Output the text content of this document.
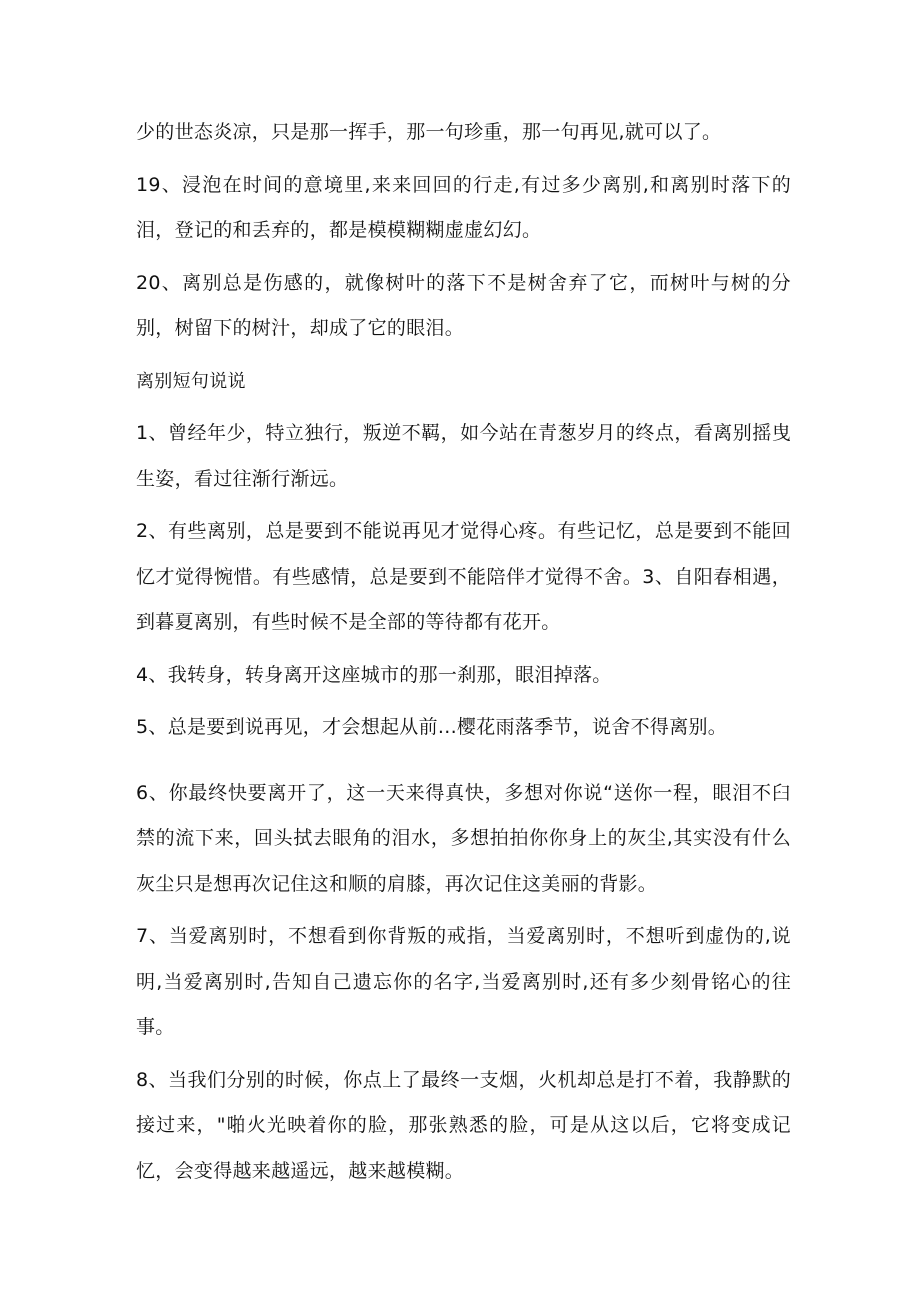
少的世态炎凉，只是那一挥手，那一句珍重，那一句再见,就可以了。

19、浸泡在时间的意境里,来来回回的行走,有过多少离别,和离别时落下的泪，登记的和丢弃的，都是模模糊糊虚虚幻幻。

20、离别总是伤感的，就像树叶的落下不是树舍弃了它，而树叶与树的分别，树留下的树汁，却成了它的眼泪。

离别短句说说

1、曾经年少，特立独行，叛逆不羁，如今站在青葱岁月的终点，看离别摇曳生姿，看过往渐行渐远。

2、有些离别，总是要到不能说再见才觉得心疼。有些记忆，总是要到不能回忆才觉得惋惜。有些感情，总是要到不能陪伴才觉得不舍。3、自阳春相遇，到暮夏离别，有些时候不是全部的等待都有花开。

4、我转身，转身离开这座城市的那一刹那，眼泪掉落。

5、总是要到说再见，才会想起从前...樱花雨落季节，说舍不得离别。

6、你最终快要离开了，这一天来得真快，多想对你说“送你一程，眼泪不臼禁的流下来，回头拭去眼角的泪水，多想拍拍你你身上的灰尘,其实没有什么灰尘只是想再次记住这和顺的肩膝，再次记住这美丽的背影。

7、当爱离别时，不想看到你背叛的戒指，当爱离别时，不想听到虚伪的,说明,当爱离别时,告知自己遗忘你的名字,当爱离别时,还有多少刻骨铭心的往事。

8、当我们分别的时候，你点上了最终一支烟，火机却总是打不着，我静默的接过来，"啪火光映着你的脸，那张熟悉的脸，可是从这以后，它将变成记忆，会变得越来越遥远，越来越模糊。
